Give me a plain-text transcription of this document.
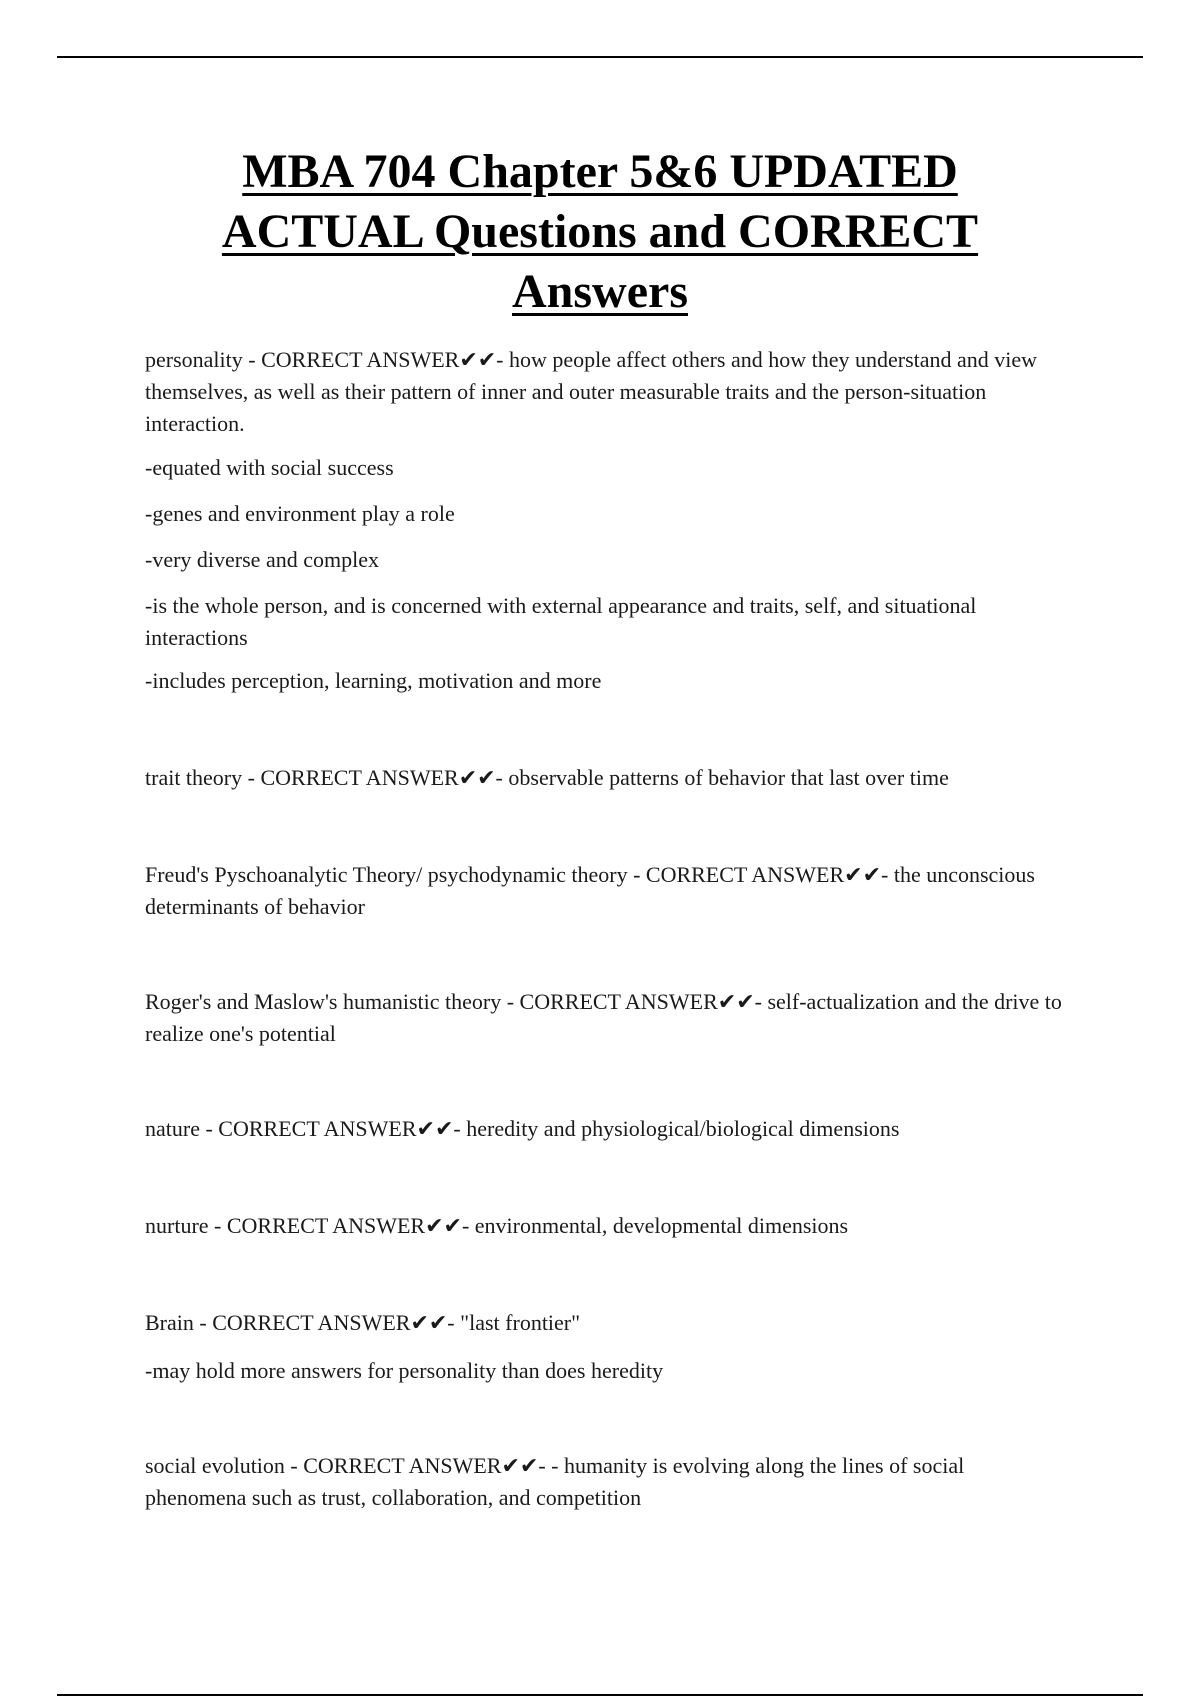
MBA 704 Chapter 5&6 UPDATED
ACTUAL Questions and CORRECT
Answers

personality - CORRECT ANSWER✔✔- how people affect others and how they understand and view themselves, as well as their pattern of inner and outer measurable traits and the person-situation interaction.

-equated with social success

-genes and environment play a role

-very diverse and complex

-is the whole person, and is concerned with external appearance and traits, self, and situational interactions

-includes perception, learning, motivation and more

trait theory - CORRECT ANSWER✔✔- observable patterns of behavior that last over time

Freud's Pyschoanalytic Theory/ psychodynamic theory - CORRECT ANSWER✔✔- the unconscious determinants of behavior

Roger's and Maslow's humanistic theory - CORRECT ANSWER✔✔- self-actualization and the drive to realize one's potential

nature - CORRECT ANSWER✔✔- heredity and physiological/biological dimensions

nurture - CORRECT ANSWER✔✔- environmental, developmental dimensions

Brain - CORRECT ANSWER✔✔- "last frontier"

-may hold more answers for personality than does heredity

social evolution - CORRECT ANSWER✔✔- - humanity is evolving along the lines of social phenomena such as trust, collaboration, and competition
